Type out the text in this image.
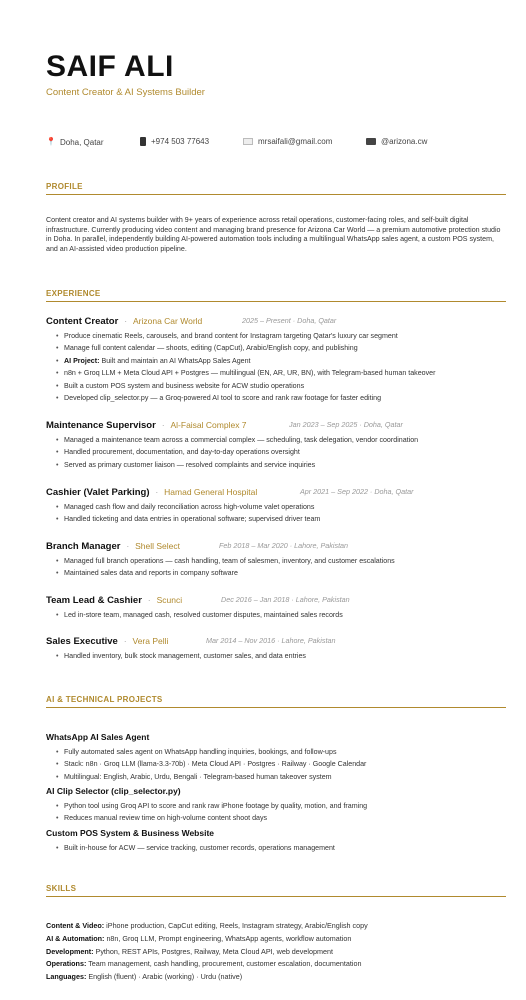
SAIF ALI
Content Creator & AI Systems Builder
📍 Doha, Qatar	+974 503 77643	mrsaifali@gmail.com	@arizona.cw
PROFILE
Content creator and AI systems builder with 9+ years of experience across retail operations, customer-facing roles, and self-built digital infrastructure. Currently producing video content and managing brand presence for Arizona Car World — a premium automotive protection studio in Doha. In parallel, independently building AI-powered automation tools including a multilingual WhatsApp sales agent, a custom POS system, and an AI-assisted video production pipeline.
EXPERIENCE
Content Creator · Arizona Car World	2025 – Present · Doha, Qatar
• Produce cinematic Reels, carousels, and brand content for Instagram targeting Qatar's luxury car segment
• Manage full content calendar — shoots, editing (CapCut), Arabic/English copy, and publishing
• AI Project: Built and maintain an AI WhatsApp Sales Agent
• n8n + Groq LLM + Meta Cloud API + Postgres — multilingual (EN, AR, UR, BN), with Telegram-based human takeover
• Built a custom POS system and business website for ACW studio operations
• Developed clip_selector.py — a Groq-powered AI tool to score and rank raw footage for faster editing
Maintenance Supervisor · Al-Faisal Complex 7	Jan 2023 – Sep 2025 · Doha, Qatar
• Managed a maintenance team across a commercial complex — scheduling, task delegation, vendor coordination
• Handled procurement, documentation, and day-to-day operations oversight
• Served as primary customer liaison — resolved complaints and service inquiries
Cashier (Valet Parking) · Hamad General Hospital	Apr 2021 – Sep 2022 · Doha, Qatar
• Managed cash flow and daily reconciliation across high-volume valet operations
• Handled ticketing and data entries in operational software; supervised driver team
Branch Manager · Shell Select	Feb 2018 – Mar 2020 · Lahore, Pakistan
• Managed full branch operations — cash handling, team of salesmen, inventory, and customer escalations
• Maintained sales data and reports in company software
Team Lead & Cashier · Scunci	Dec 2016 – Jan 2018 · Lahore, Pakistan
• Led in-store team, managed cash, resolved customer disputes, maintained sales records
Sales Executive · Vera Pelli	Mar 2014 – Nov 2016 · Lahore, Pakistan
• Handled inventory, bulk stock management, customer sales, and data entries
AI & TECHNICAL PROJECTS
WhatsApp AI Sales Agent
• Fully automated sales agent on WhatsApp handling inquiries, bookings, and follow-ups
• Stack: n8n · Groq LLM (llama-3.3-70b) · Meta Cloud API · Postgres · Railway · Google Calendar
• Multilingual: English, Arabic, Urdu, Bengali · Telegram-based human takeover system
AI Clip Selector (clip_selector.py)
• Python tool using Groq API to score and rank raw iPhone footage by quality, motion, and framing
• Reduces manual review time on high-volume content shoot days
Custom POS System & Business Website
• Built in-house for ACW — service tracking, customer records, operations management
SKILLS
Content & Video: iPhone production, CapCut editing, Reels, Instagram strategy, Arabic/English copy
AI & Automation: n8n, Groq LLM, Prompt engineering, WhatsApp agents, workflow automation
Development: Python, REST APIs, Postgres, Railway, Meta Cloud API, web development
Operations: Team management, cash handling, procurement, customer escalation, documentation
Languages: English (fluent) · Arabic (working) · Urdu (native)
